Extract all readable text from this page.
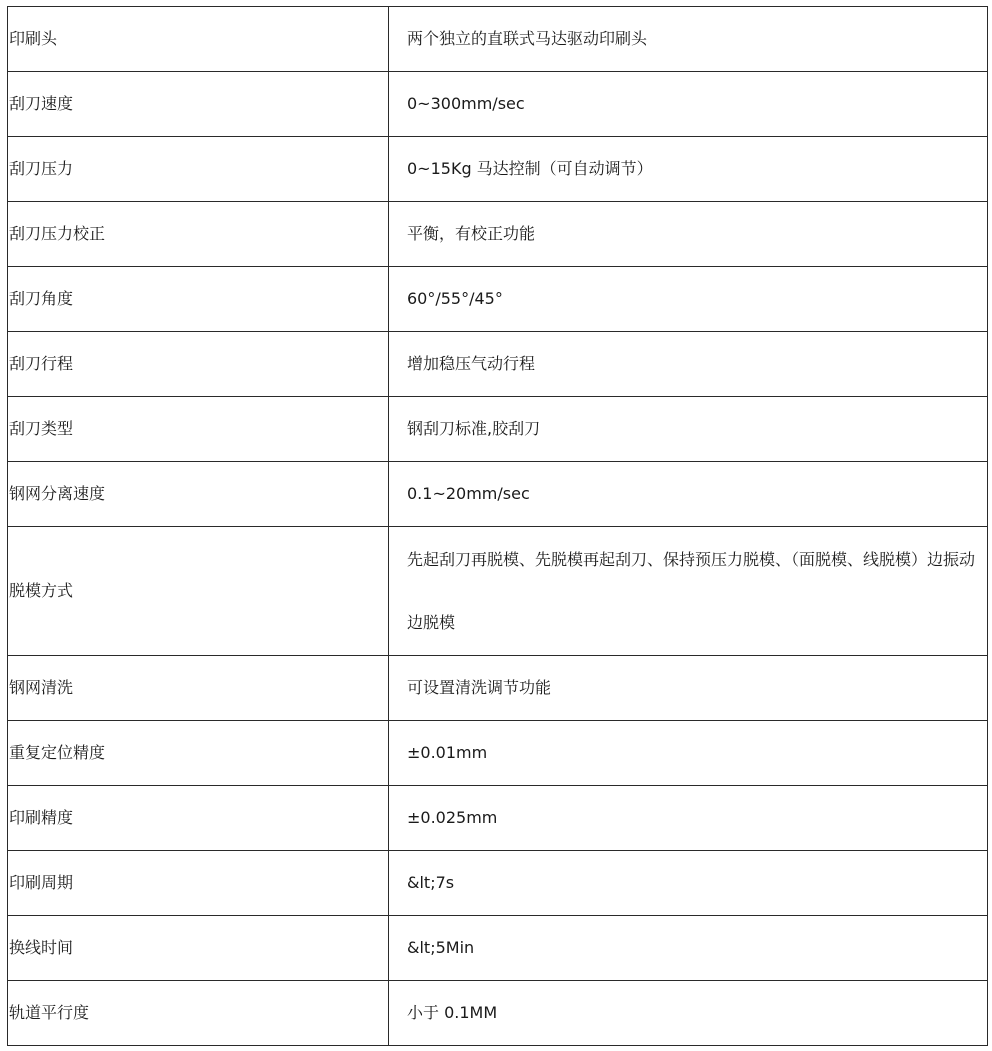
印刷头	两个独立的直联式马达驱动印刷头
刮刀速度	0~300mm/sec
刮刀压力	0~15Kg 马达控制（可自动调节）
刮刀压力校正	平衡，有校正功能
刮刀角度	60°/55°/45°
刮刀行程	增加稳压气动行程
刮刀类型	钢刮刀标准,胶刮刀
钢网分离速度	0.1~20mm/sec
脱模方式	先起刮刀再脱模、先脱模再起刮刀、保持预压力脱模、（面脱模、线脱模）边振动边脱模
钢网清洗	可设置清洗调节功能
重复定位精度	±0.01mm
印刷精度	±0.025mm
印刷周期	&lt;7s
换线时间	&lt;5Min
轨道平行度	小于 0.1MM
